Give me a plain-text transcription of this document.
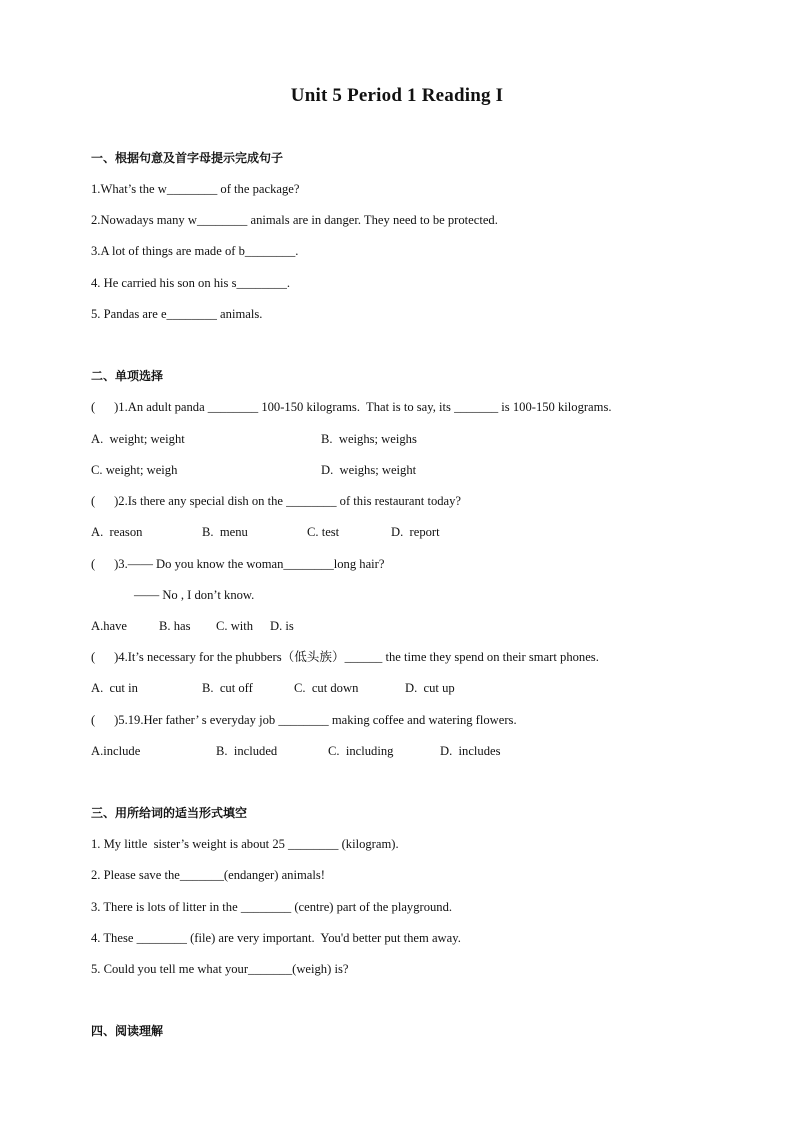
Unit 5 Period 1 Reading I
一、根据句意及首字母提示完成句子
1.What’s the w________ of the package?
2.Nowadays many w________ animals are in danger. They need to be protected.
3.A lot of things are made of b________.
4. He carried his son on his s________.
5. Pandas are e________ animals.
二、单项选择
(      )1.An adult panda ________ 100-150 kilograms.  That is to say, its _______ is 100-150 kilograms.
A.  weight; weight	B.  weighs; weighs
C. weight; weigh	D.  weighs; weight
(      )2.Is there any special dish on the ________ of this restaurant today?
A.  reason	B.  menu	C. test	D.  report
(      )3.—— Do you know the woman________long hair?
—— No , I don’t know.
A.have	B. has C. with D. is
(      )4.It’s necessary for the phubbers（低头族）______ the time they spend on their smart phones.
A.  cut in	B.  cut off	C.  cut down	D.  cut up
(      )5.19.Her father’ s everyday job ________ making coffee and watering flowers.
A.include	B.  included	C.  including	D.  includes
三、用所给词的适当形式填空
1. My little  sister’s weight is about 25 ________ (kilogram).
2. Please save the_______(endanger) animals!
3. There is lots of litter in the ________ (centre) part of the playground.
4. These ________ (file) are very important.  You'd better put them away.
5. Could you tell me what your_______(weigh) is?
四、阅读理解
